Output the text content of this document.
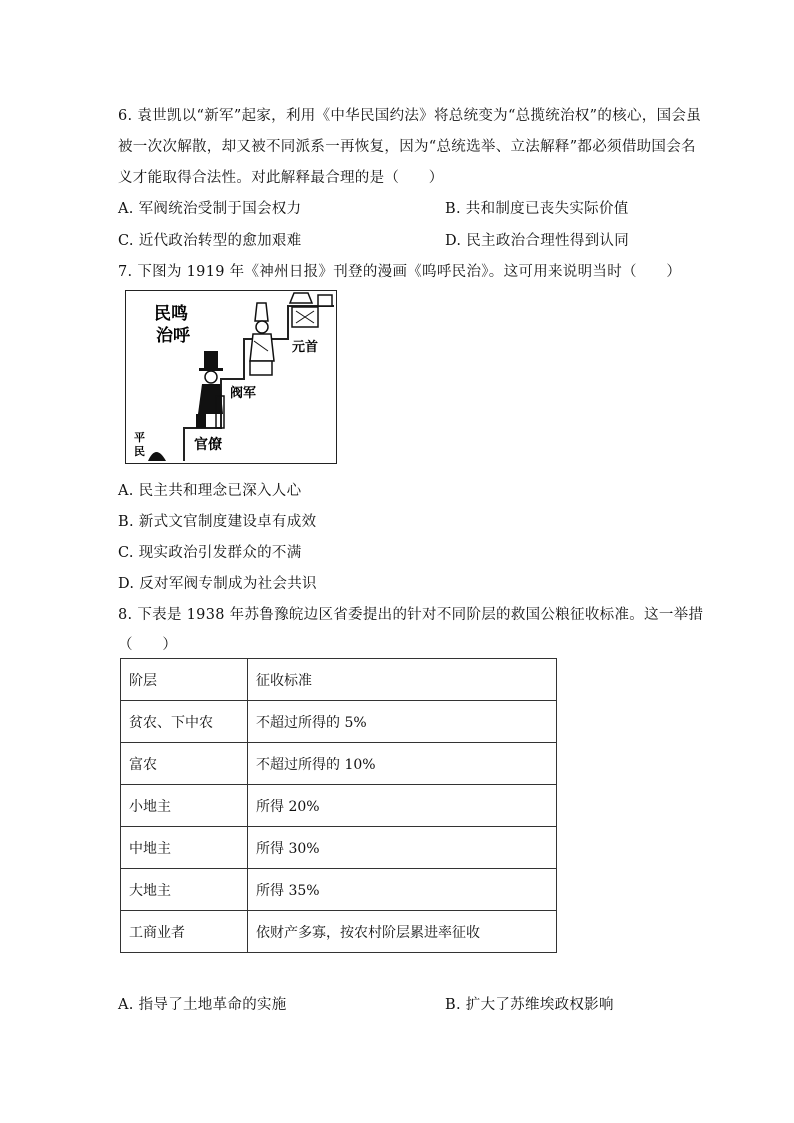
6. 袁世凯以“新军”起家，利用《中华民国约法》将总统变为“总揽统治权”的核心，国会虽
被一次次解散，却又被不同派系一再恢复，因为“总统选举、立法解释”都必须借助国会名
义才能取得合法性。对此解释最合理的是（　　）
A. 军阀统治受制于国会权力	B. 共和制度已丧失实际价值
C. 近代政治转型的愈加艰难	D. 民主政治合理性得到认同
7. 下图为 1919 年《神州日报》刊登的漫画《呜呼民治》。这可用来说明当时（　　）
民鸣
治呼
官僚
阀军
元首
平
民
A. 民主共和理念已深入人心
B. 新式文官制度建设卓有成效
C. 现实政治引发群众的不满
D. 反对军阀专制成为社会共识
8. 下表是 1938 年苏鲁豫皖边区省委提出的针对不同阶层的救国公粮征收标准。这一举措
（　　）
阶层	征收标准
贫农、下中农	不超过所得的 5%
富农	不超过所得的 10%
小地主	所得 20%
中地主	所得 30%
大地主	所得 35%
工商业者	依财产多寡，按农村阶层累进率征收
A. 指导了土地革命的实施	B. 扩大了苏维埃政权影响
